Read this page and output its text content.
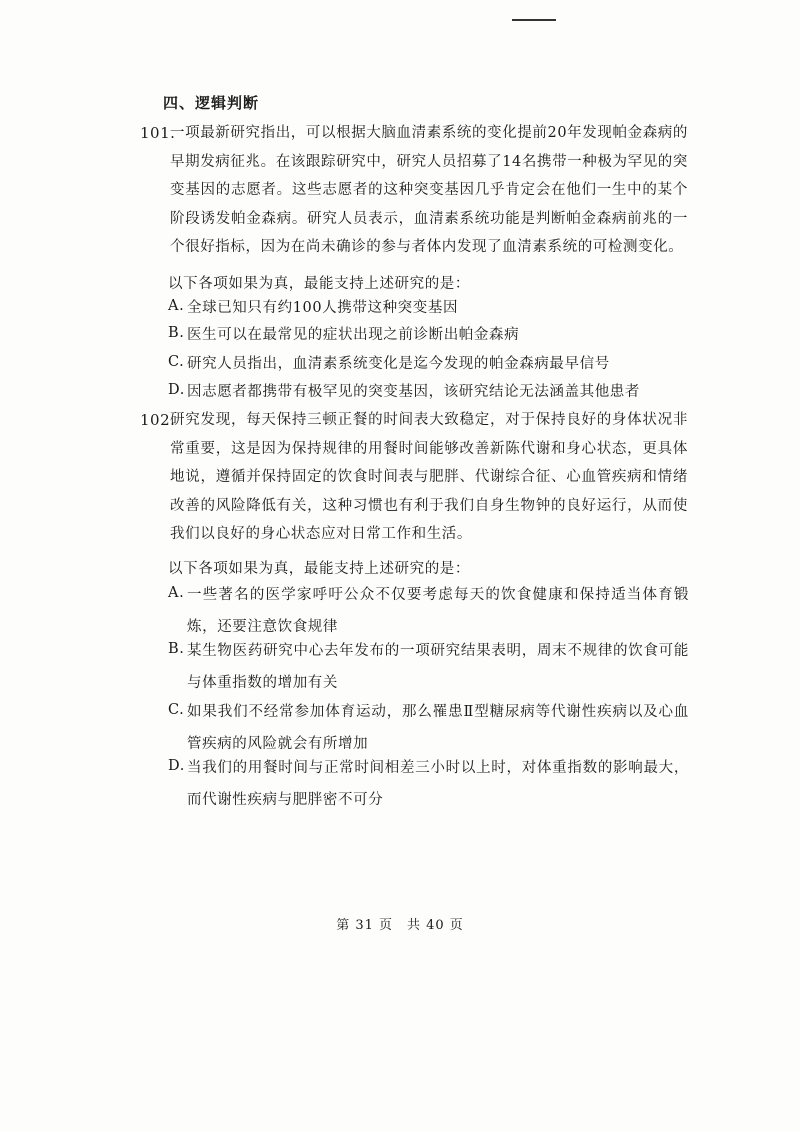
四、逻辑判断
101.
一项最新研究指出，可以根据大脑血清素系统的变化提前20年发现帕金森病的早期发病征兆。在该跟踪研究中，研究人员招募了14名携带一种极为罕见的突变基因的志愿者。这些志愿者的这种突变基因几乎肯定会在他们一生中的某个阶段诱发帕金森病。研究人员表示，血清素系统功能是判断帕金森病前兆的一个很好指标，因为在尚未确诊的参与者体内发现了血清素系统的可检测变化。
以下各项如果为真，最能支持上述研究的是：
A. 全球已知只有约100人携带这种突变基因
B. 医生可以在最常见的症状出现之前诊断出帕金森病
C. 研究人员指出，血清素系统变化是迄今发现的帕金森病最早信号
D. 因志愿者都携带有极罕见的突变基因，该研究结论无法涵盖其他患者
102.
研究发现，每天保持三顿正餐的时间表大致稳定，对于保持良好的身体状况非常重要，这是因为保持规律的用餐时间能够改善新陈代谢和身心状态，更具体地说，遵循并保持固定的饮食时间表与肥胖、代谢综合征、心血管疾病和情绪改善的风险降低有关，这种习惯也有利于我们自身生物钟的良好运行，从而使我们以良好的身心状态应对日常工作和生活。
以下各项如果为真，最能支持上述研究的是：
A. 一些著名的医学家呼吁公众不仅要考虑每天的饮食健康和保持适当体育锻炼，还要注意饮食规律
B. 某生物医药研究中心去年发布的一项研究结果表明，周末不规律的饮食可能与体重指数的增加有关
C. 如果我们不经常参加体育运动，那么罹患Ⅱ型糖尿病等代谢性疾病以及心血管疾病的风险就会有所增加
D. 当我们的用餐时间与正常时间相差三小时以上时，对体重指数的影响最大，而代谢性疾病与肥胖密不可分
第 31 页　共 40 页
